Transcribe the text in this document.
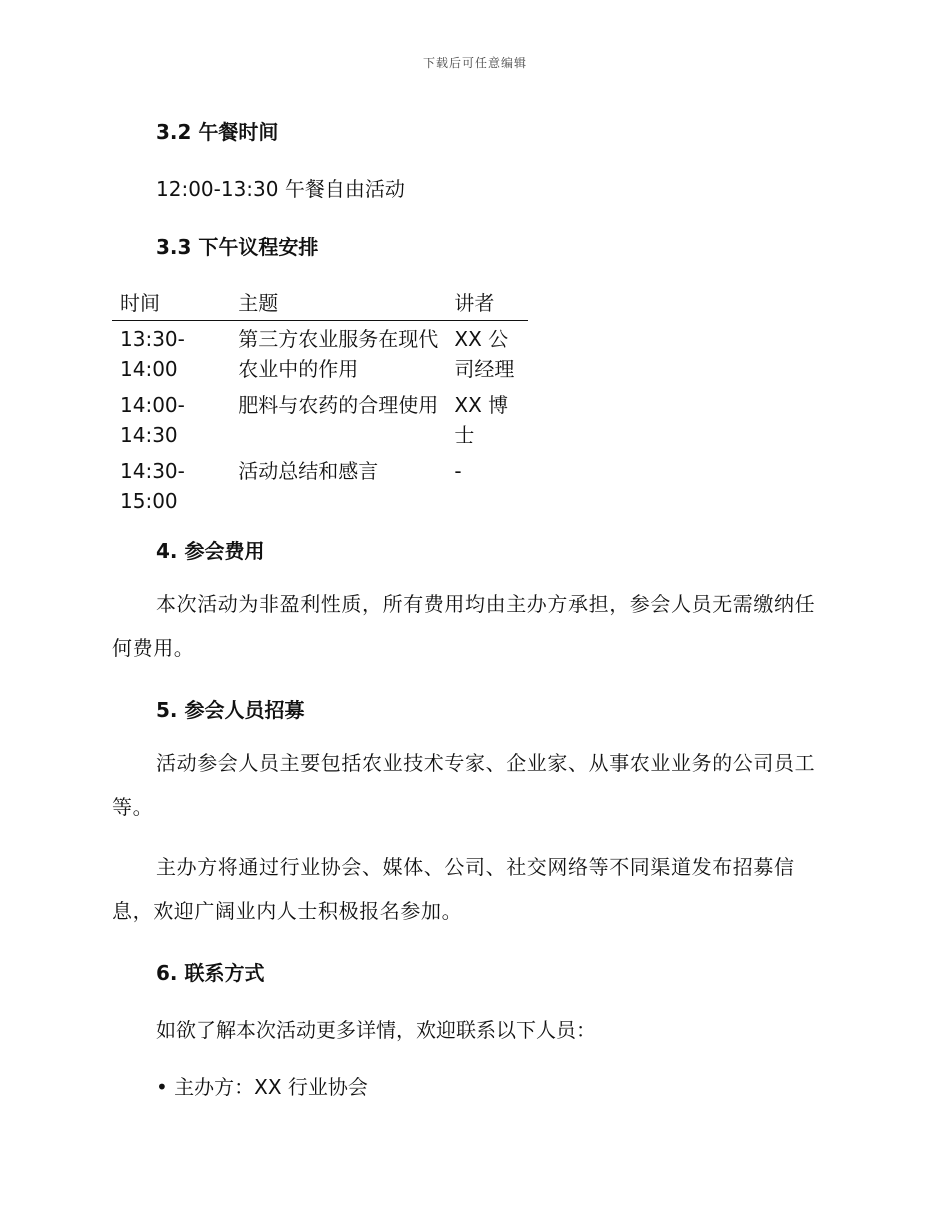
下载后可任意编辑
3.2 午餐时间
12:00-13:30 午餐自由活动
3.3 下午议程安排
时间	主题	讲者
13:30-14:00	第三方农业服务在现代农业中的作用	XX 公司经理
14:00-14:30	肥料与农药的合理使用	XX 博士
14:30-15:00	活动总结和感言	-
4. 参会费用
本次活动为非盈利性质，所有费用均由主办方承担，参会人员无需缴纳任何费用。
5. 参会人员招募
活动参会人员主要包括农业技术专家、企业家、从事农业业务的公司员工等。
主办方将通过行业协会、媒体、公司、社交网络等不同渠道发布招募信息，欢迎广阔业内人士积极报名参加。
6. 联系方式
如欲了解本次活动更多详情，欢迎联系以下人员：
• 主办方：XX 行业协会
